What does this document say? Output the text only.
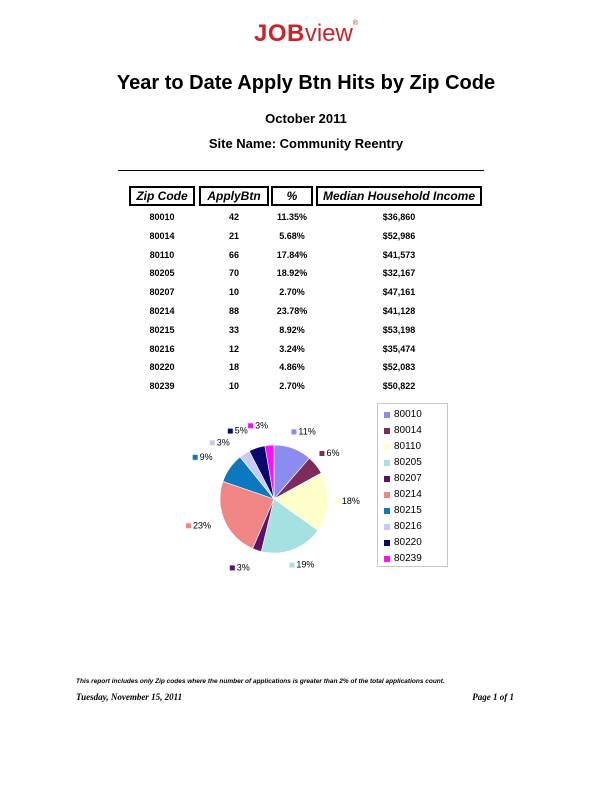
JOBview®
Year to Date Apply Btn Hits by Zip Code
October 2011
Site Name: Community Reentry
Zip Code	ApplyBtn	%	Median Household Income
80010	42	11.35%	$36,860
80014	21	5.68%	$52,986
80110	66	17.84%	$41,573
80205	70	18.92%	$32,167
80207	10	2.70%	$47,161
80214	88	23.78%	$41,128
80215	33	8.92%	$53,198
80216	12	3.24%	$35,474
80220	18	4.86%	$52,083
80239	10	2.70%	$50,822
11%
6%
18%
19%
3%
23%
9%
3%
5%
3%
80010
80014
80110
80205
80207
80214
80215
80216
80220
80239
This report includes only Zip codes where the number of applications is greater than 2% of the total applications count.
Tuesday, November 15, 2011	Page 1 of 1
